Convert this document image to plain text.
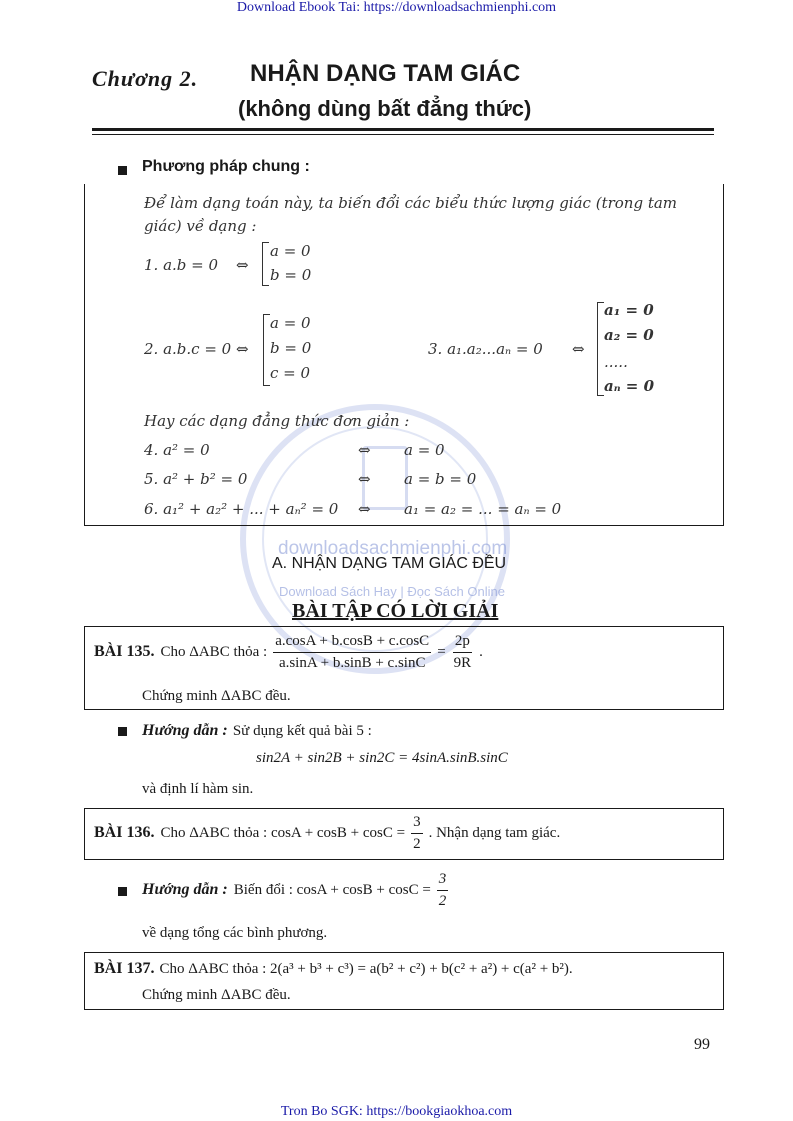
Download Ebook Tai: https://downloadsachmienphi.com
Tron Bo SGK: https://bookgiaokhoa.com
downloadsachmienphi.com
Download Sách Hay | Đọc Sách Online
Chương 2. NHẬN DẠNG TAM GIÁC
(không dùng bất đẳng thức)
Phương pháp chung :
Để làm dạng toán này, ta biến đổi các biểu thức lượng giác (trong tam giác) về dạng :
1. a.b = 0 ⇔
a = 0
b = 0
2. a.b.c = 0 ⇔
a = 0
b = 0
c = 0
3. a₁.a₂...aₙ = 0 ⇔
a₁ = 0
a₂ = 0
.....
aₙ = 0
Hay các dạng đẳng thức đơn giản :
4. a² = 0	⇔ a = 0
5. a² + b² = 0	⇔ a = b = 0
6. a₁² + a₂² + ... + aₙ² = 0 ⇔ a₁ = a₂ = ... = aₙ = 0
A. NHẬN DẠNG TAM GIÁC ĐỀU
BÀI TẬP CÓ LỜI GIẢI
BÀI 135. Cho ΔABC thỏa : $\frac{a.\cos A + b.\cos B + c.\cos C}{a.\sin A + b.\sin B + c.\sin C} = \frac{2p}{9R}$ .
Chứng minh ΔABC đều.
Hướng dẫn : Sử dụng kết quả bài 5 :
sin2A + sin2B + sin2C = 4sinA.sinB.sinC
và định lí hàm sin.
BÀI 136. Cho ΔABC thỏa : $\cos A + \cos B + \cos C = \frac{3}{2}$ . Nhận dạng tam giác.
Hướng dẫn : Biến đổi : $\cos A + \cos B + \cos C = \frac{3}{2}$
về dạng tổng các bình phương.
BÀI 137. Cho ΔABC thỏa : 2(a³ + b³ + c³) = a(b² + c²) + b(c² + a²) + c(a² + b²).
Chứng minh ΔABC đều.
99
